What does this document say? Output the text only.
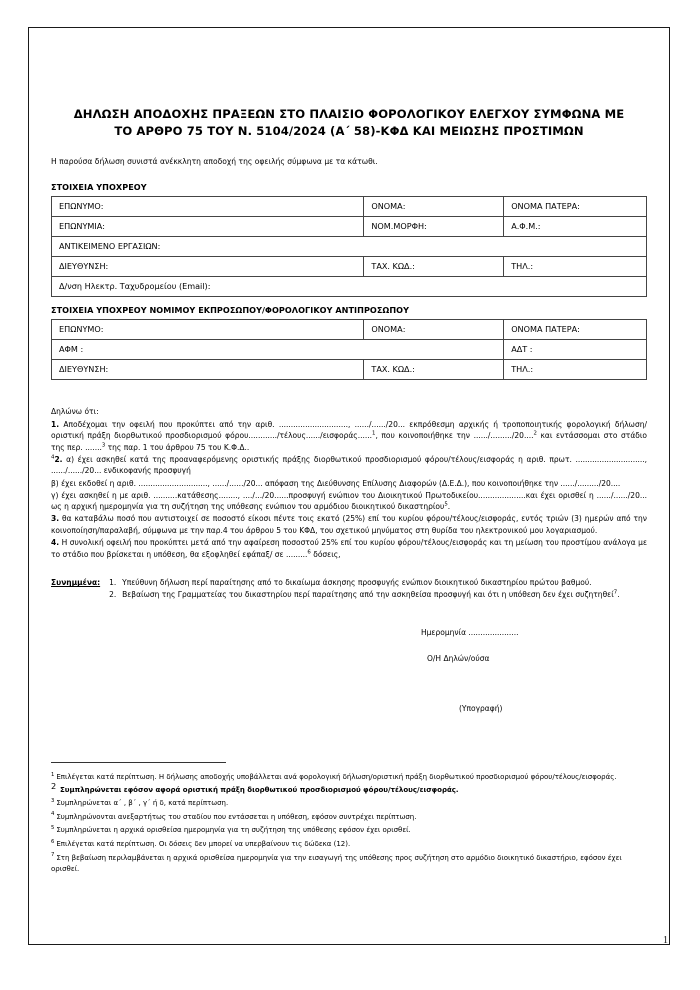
ΔΗΛΩΣΗ ΑΠΟΔΟΧΗΣ ΠΡΑΞΕΩΝ ΣΤΟ ΠΛΑΙΣΙΟ ΦΟΡΟΛΟΓΙΚΟΥ ΕΛΕΓΧΟΥ ΣΥΜΦΩΝΑ ΜΕ
ΤΟ ΑΡΘΡΟ 75 ΤΟΥ Ν. 5104/2024 (Α΄ 58)-ΚΦΔ ΚΑΙ ΜΕΙΩΣΗΣ ΠΡΟΣΤΙΜΩΝ
Η παρούσα δήλωση συνιστά ανέκκλητη αποδοχή της οφειλής σύμφωνα με τα κάτωθι.
ΣΤΟΙΧΕΙΑ ΥΠΟΧΡΕΟΥ
ΕΠΩΝΥΜΟ:	ΟΝΟΜΑ:	ΟΝΟΜΑ ΠΑΤΕΡΑ:
ΕΠΩΝΥΜΙΑ:	ΝΟΜ.ΜΟΡΦΗ:	Α.Φ.Μ.:
ΑΝΤΙΚΕΙΜΕΝΟ ΕΡΓΑΣΙΩΝ:		
ΔΙΕΥΘΥΝΣΗ:	ΤΑΧ. ΚΩΔ.:	ΤΗΛ.:
Δ/νση Ηλεκτρ. Ταχυδρομείου (Email):		
ΣΤΟΙΧΕΙΑ ΥΠΟΧΡΕΟΥ ΝΟΜΙΜΟΥ ΕΚΠΡΟΣΩΠΟΥ/ΦΟΡΟΛΟΓΙΚΟΥ ΑΝΤΙΠΡΟΣΩΠΟΥ
ΕΠΩΝΥΜΟ:	ΟΝΟΜΑ:	ΟΝΟΜΑ ΠΑΤΕΡΑ:
ΑΦΜ :		ΑΔΤ :
ΔΙΕΥΘΥΝΣΗ:	ΤΑΧ. ΚΩΔ.:	ΤΗΛ.:

Δηλώνω ότι:

1. Αποδέχομαι την οφειλή που προκύπτει από την αριθ. ............................., ....../....../20... εκπρόθεσμη αρχικής ή τροποποιητικής φορολογική δήλωση/οριστική πράξη διορθωτικού προσδιορισμού φόρου............/τέλους....../εισφοράς......$^1$, που κοινοποιήθηκε την ....../........./20....$^2$ και εντάσσομαι στο στάδιο της περ. .......$^3$ της παρ. 1 του άρθρου 75 του Κ.Φ.Δ..

$^4$2. α) έχει ασκηθεί κατά της προαναφερόμενης οριστικής πράξης διορθωτικού προσδιορισμού φόρου/τέλους/εισφοράς η αριθ. πρωτ. ............................., ....../....../20... ενδικοφανής προσφυγή

β) έχει εκδοθεί η αριθ. ............................., ....../....../20... απόφαση της Διεύθυνσης Επίλυσης Διαφορών (Δ.Ε.Δ.), που κοινοποιήθηκε την ....../........./20....

γ) έχει ασκηθεί η με αριθ. ..........κατάθεσης........, ..../.../20......προσφυγή ενώπιον του Διοικητικού Πρωτοδικείου....................και έχει ορισθεί η ....../....../20... ως η αρχική ημερομηνία για τη συζήτηση της υπόθεσης ενώπιον του αρμόδιου διοικητικού δικαστηρίου$^5$.

3. θα καταβάλω ποσό που αντιστοιχεί σε ποσοστό είκοσι πέντε τοις εκατό (25%) επί του κυρίου φόρου/τέλους/εισφοράς, εντός τριών (3) ημερών από την κοινοποίηση/παραλαβή, σύμφωνα με την παρ.4 του άρθρου 5 του ΚΦΔ, του σχετικού μηνύματος στη θυρίδα του ηλεκτρονικού μου λογαριασμού.

4. Η συνολική οφειλή που προκύπτει μετά από την αφαίρεση ποσοστού 25% επί του κυρίου φόρου/τέλους/εισφοράς και τη μείωση του προστίμου ανάλογα με το στάδιο που βρίσκεται η υπόθεση, θα εξοφληθεί εφάπαξ/ σε .........$^6$ δόσεις,

Συνημμένα:	1. Υπεύθυνη δήλωση περί παραίτησης από το δικαίωμα άσκησης προσφυγής ενώπιον διοικητικού δικαστηρίου πρώτου βαθμού.
2. Βεβαίωση της Γραμματείας του δικαστηρίου περί παραίτησης από την ασκηθείσα προσφυγή και ότι η υπόθεση δεν έχει συζητηθεί$^7$.
Ημερομηνία .....................
Ο/Η Δηλών/ούσα
(Υπογραφή)
$^1$ Επιλέγεται κατά περίπτωση. Η δήλωσης αποδοχής υποβάλλεται ανά φορολογική δήλωση/οριστική πράξη διορθωτικού προσδιορισμού φόρου/τέλους/εισφοράς.
2 Συμπληρώνεται εφόσον αφορά οριστική πράξη διορθωτικού προσδιορισμού φόρου/τέλους/εισφοράς.
$^3$ Συμπληρώνεται α΄ , β΄ , γ΄ ή δ, κατά περίπτωση.
$^4$ Συμπληρώνονται ανεξαρτήτως του σταδίου που εντάσσεται η υπόθεση, εφόσον συντρέχει περίπτωση.
$^5$ Συμπληρώνεται η αρχικά ορισθείσα ημερομηνία για τη συζήτηση της υπόθεσης εφόσον έχει ορισθεί.
$^6$ Επιλέγεται κατά περίπτωση. Οι δόσεις δεν μπορεί να υπερβαίνουν τις δώδεκα (12).
$^7$ Στη βεβαίωση περιλαμβάνεται η αρχικά ορισθείσα ημερομηνία για την εισαγωγή της υπόθεσης προς συζήτηση στο αρμόδιο διοικητικό δικαστήριο, εφόσον έχει ορισθεί.
1
